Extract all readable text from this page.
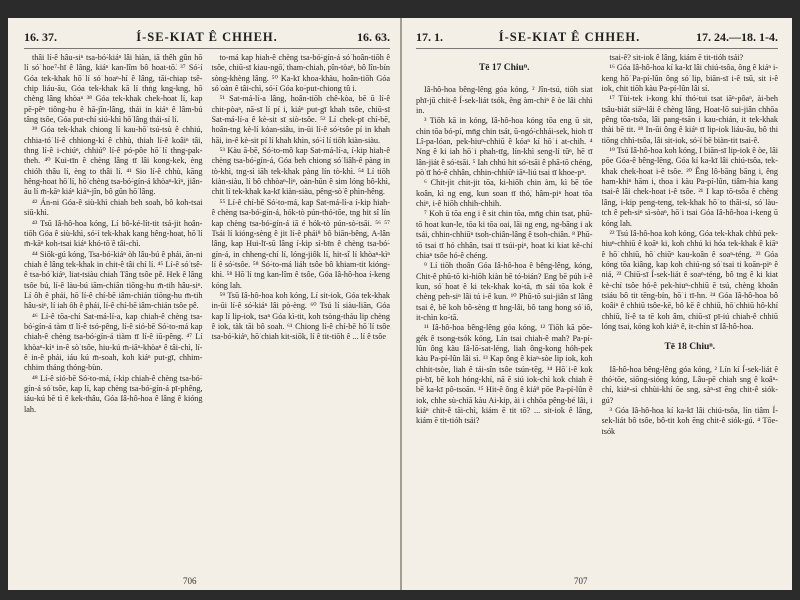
16. 37.	Í-SE-KIAT Ê CHHEH.	16. 63.

thâi lí-ê hâu-siⁿ tsa-bó͘-kiáⁿ lâi hiàn, iā thêh gûn hō͘ lí só͘ hoe⁷-hī ê lâng, kiáⁿ kan-lîm bô hoat-tō͘. ³⁷ Só͘-í Góa tek-khak hō͘ lí só͘ hoaⁿ-hí ê lâng, tāi-chiap tsê-chip liáu-āu, Góa tek-khak kā lí thṅg kng-kng, hō͘ chèng lâng khòaⁿ ³⁸ Góa tek-khak chek-hoat lí, kap pē-pêⁿ tiông-hu ê hā-jîn-lâng, thái in kiáⁿ ê lâm-bú tâng tsôe, Góa put-chí siú-khì hō͘ lâng thái-sí lí.

³⁹ Góa tek-khak chiong lí kau-hō͘ tsú-tsù ê chhiú, chhia-tó͘ lí-ê chhiong-kí ê chhù, thiah lí-ê koâiⁿ tâi, thng lí-ê i-chiúⁿ, chhiú⁰ lí-ê pó-pôe hō͘ lí thng-pak-theh. ⁴⁰ Kui-tīn ê chèng lâng tī lâi kong-kek, èng chióh thâu lí, èng to thâi lí. ⁴¹ Sio lí-ê chhù, kāng hêng-hoat hō͘ lí, hō͘ chèng tsa-bó͘-gín-á khòaⁿ-kìⁿ, jiân-āu lí m̄-kāⁿ kiáⁿ kiáⁿ-jîn, bô gûn hō͘ lâng.

⁴² Án-ni Góa-ê siù-khì chiah beh soah, bô koh-tsai siū-khì.

⁴³ Tsū Iâ-hô-hoa kóng, Lí bô-ké-lít-tit tsá-jit hoân-tiōh Góa ê siù-khì, só͘-í tek-khak kang hêng-hoat, hō͘ lí m̄-kāⁿ koh-tsai kiáⁿ khó-tō͘ ê tâi-chì.

⁴⁴ Siōk-gú kóng, Tsa-bó͘-kiáⁿ òh lâu-bú ê phái, ān-ni chiah ê lâng tek-khak in chit-ê tâi chí lí. ⁴⁵ Lí-ê só͘ tsê-ê tsa-bó͘ kiáⁿ, liat-tsiàu chiah Tâng tsôe pê. Hek ê lâng tsôe bú, lí-ê làu-bú iām-chiān tiōng-hu m̄-tih hâu-siⁿ. Lí ôh ê phái, hō͘ lí-ê chí-bē iâm-chián tiōng-hu m̄-tih hâu-siⁿ, lí iah ôh ê phái, lí-ê chí-bē iâm-chián tsôe pê.

⁴⁶ Lí-ê tōa-chí Sat-má-lí-a, kap chiah-ê chèng tsa-bó͘-gín-á tàm tī lí-ê tsó-pêng, lí-ê sió-bē Só͘-to-má kap chiah-ê chèng tsa-bó͘-gín-á tiàm tī lí-ê iū-pêng. ⁴⁷ Lí khòaⁿ-kìⁿ in-ê sò͘ tsôe, hiu-kú m̄-iāⁿ-khòaⁿ ê tâi-chì, lí-ê in-ê phái, iáu kú m̄-soah, koh kiáⁿ put-gī, chhim-chhim tháng thóng-bùn.

⁴⁸ Lí-ê sió-bē Só͘-to-má, í-kip chiah-ê chèng tsa-bó͘-gín-á só͘ tsôe, kap lí, kap chèng tsa-bó͘-gín-á pī-phêng, iáu-kú bē tì ê kek-thâu, Góa Iâ-hô-hoa ê lâng ê kióng lah.

to-má kap hiah-ê chèng tsa-bó͘-gín-á só͘ hoân-tiōh ê tsôe, chiū-sī kiau-ngō͘, tham-chiah, pîn-tòaⁿ, bô lîn-bín sòng-khèng lâng. ⁵⁰ Ka-kī khoa-khàu, hoân-tiōh Góa só͘ oàn ê tâi-chì, só͘-í Góa ko͘-put-chiong tû i.

⁵¹ Sat-má-lí-a lâng, hoân-tiōh chê-kòa, bē ū lí-ê chit-pòaⁿ, nā-sī lí pí i, kiáⁿ put-gī khah tsôe, chiū-sī Sat-má-lí-a ê kè-sit sī siò-tsôe. ⁵² Lí chek-pī chí-bē, hoân-tng kè-lí kóan-siâu, in-ūi lí-ê só͘-tsôe pí in khah hāi, in-ê kè-sit pí lí khah khìn, só͘-í lí tiōh kiàn-siàu.

⁵³ Kàu ā-bē, Só͘-to-mô kap Sat-má-lí-a, í-kip hiah-ê chèng tsa-bó͘-gín-á, Góa beh chiong só͘ liâh-ê pàng in tò-khì, tng-sì iāh tek-khak pàng lín tò-khì. ⁵⁴ Lí tiōh kiàn-siàu, lí bô chhòaⁿ-liⁿ, oàn-hūn ê sim lóng bô-khì, chit lí tek-khak ka-kī kiàn-siàu, pêng-sò͘ ê phìn-hêng.

⁵⁵ Lí-ê chí-bē Só͘-to-má, kap Sat-má-lí-a í-kip hiah-ê chèng tsa-bó͘-gín-á, hók-tò pún-thó͘-tōe, tng hit sî lín kap chèng tsa-bó͘-gín-á iā é hók-tò pún-sò͘-tsāi. ⁵⁶ ⁵⁷ Tsái lí kióng-sèng ê jit lí-ê phái⁸ bô biān-bêng, A-lân lâng, kap Hui-lī-sū lâng í-kip sì-bīn ê chèng tsa-bó͘-gín-á, in chheng-chí lí, lóng-jiôk lí, hit-sî lí khòaⁿ-kìⁿ lí ê só͘-tsôe. ⁵⁸ Só͘-to-má liáh tsôe bô khiam-tit kióng-khì. ⁵⁸ Hō͘ lí tng kan-lîm ê tsôe, Góa Iâ-hô-hoa í-keng kóng lah.

⁵⁹ Tsū Iâ-hô-hoa koh kóng, Lí sit-iok, Góa tek-khak in-ūi lí-ê só͘-kiáⁿ lâi pò-èng. ⁶⁰ Tsú lí siàu-liān, Góa kap lí lip-iok, tsaⁿ Góa kì-tit, koh tsòng-tháu lip chèng ê iok, tàk tāi bô soah. ⁶¹ Chiong lí-ê chí-bē hō͘ lí tsôe tsa-bó͘-kiáⁿ, hō͘ chiah kit-siōk, lí ê tit-tiōh ê ... lí ê tsôe

706
17. 1.	Í-SE-KIAT Ê CHHEH.	17. 24.—18. 1-4.
Tē 17 Chiuⁿ.

Iâ-hô-hoa bêng-lêng góa kóng, ² Jîn-tsú, tiōh siat phī-jū chit-ê Í-sek-liát tsók, êng àm-chiⁿ ê òe lâi chhì in.

³ Tiōh kā in kóng, Iâ-hô-hoa kóng tōa eng ū sit, chin tōa bó-pí, mn̄g chin tsát, ū-ngó͘-chhái-sek, hioh tī Lî-pa-lóan, pek-hiuⁿ-chhiū ê kóaⁿ kí hō͘ i at-chih. ⁴ Nng ê ki iah hō͘ i phah-tīg, lín-khì seng-lí tūⁿ, hē tī lân-jiát ê só͘-tsāi. ⁵ Iah chhú hit só͘-tsāi ê phā-tō chéng, pò͘ tī hó-ê chhân, chhin-chhiūⁿ iāⁿ-liú tsai tī khoe-pⁿ.

⁶ Chit-jit chit-jit tōa, ki-hiōh chin àm, kì bē tōe koân, kì ng eng, kun soan tī thó͘, hâm-piⁿ hoat tōa chiⁿ, i-ê hiōh chhih-chhih.

⁷ Koh ū tōa eng i ê sit chin tōa, mn̄g chin tsat, phū-tō hoat kun-le, tōa ki tōa oai, lāi ng eng, ng-bāng i ak tsái, chhin-chhiūⁿ tsoh-chiân-lâng ê tsoh-chiân. ⁸ Phū-tō tsai tī hó chhân, tsai tī tsúi-piⁿ, hoat ki kiat kê-chí chiaⁿ tsôe hó-ê chéng.

⁹ Lí tiōh thoân Góa Iâ-hô-hoa ê bêng-lêng, kóng, Chit-ê phū-tō ki-hiōh kiàn bē tó-bián? Eng bē púh i-ê kun, só͘ hoat ê ki tek-khak ko͘-tā, m̄ sái tōa kok ê chèng peh-siⁿ lâi tú i-ê kun. ¹⁰ Phū-tō sui-jiân sī lâng tsai ê, bē koh bô-sèng tī hng-lâi, bô tang hong só͘ iô, it-chìn ko͘-tā.

¹¹ Iâ-hô-hoa bêng-lêng góa kóng, ¹² Tiōh kā pōe-gék ê tsong-tsók kóng, Lín tsai chiah-ê mah? Pa-pí-lûn ông kàu Iâ-lō͘-sat-léng, liah ông-kong hóh-pek kàu Pa-pí-lûn lâi sì. ¹³ Kap ông ê kiaⁿ-sòe lip iok, koh chhit-tsòe, liah ê tái-sîn tsôe tsún-tēg. ¹⁴ Hō͘ i-ê kok pi-bī, bē koh hóng-khí, nā ē siú iok-chì kok chiah ē bē ka-kī pô-tsoān. ¹⁵ Hit-ê ông ê kiá⁸ pōe Pa-pí-lûn ê iok, chhe sù-chiā kàu Ai-kip, ài i chhōa pêng-bé lâi, i kiáⁿ chit-ê tāi-chì, kiám ē tit tō? ... sit-iok ê lâng, kiám ē tit-tióh tsái?

tsai-ê? sit-iok ê lâng, kiám ē tit-tióh tsái?

¹⁶ Góa Iâ-hô-hoa kí ka-kī lâi chiú-tsôa, ông ê kiáⁿ i-keng hō͘ Pa-pí-lûn ông só͘ lip, biān-sī i-ê tsū, sit i-ê iok, chit tiōh kàu Pa-pí-lûn lâi sí.

¹⁷ Tùi-tek i-kong khí thó͘-tui tsat iāⁿ-pôaⁿ, ài-beh tsâu-biát siāⁿ-lâi ê chèng lâng, Hoat-lō sui-jiân chhōa pêng tōa-tsôa, lâi pang-tsān i kau-chián, it tek-khak thài bē tit. ¹⁸ In-ūi ông ê kiáⁿ tī lip-iok liáu-āu, bô thi tiōng chhì-tsôa, lâi sit-iok, só͘-í bē biàn-tit tsai-ê.

¹⁹ Tsú Iâ-hô-hoa koh kóng, I biān-sī lip-iok ê òe, lâi pōe Góa-ê bêng-lêng, Góa kí ka-kī lâi chiú-tsôa, tek-khak chek-hoat i-ê tsôe. ²⁰ Êng lô-bāng bāng i, êng ham-khiⁿ hām i, thoa i kàu Pa-pí-lûn, tiâm-hia kang tsai-ê lâi chek-hoat i-ê tsôe. ²¹ I kap tō-tsôa ê chèng lâng, i-kip peng-teng, tek-khak hō͘ to thāi-sí, só͘ làu-tch ê peh-siⁿ sì-sòaⁿ, hō͘ i tsai Góa Iâ-hô-hoa i-keng ū kóng lah.

²² Tsú Iâ-hô-hoa koh kóng, Góa tek-khak chhú pek-hiuⁿ-chhiū ê koāⁿ ki, koh chhú ki hóa tek-khak ê kiāⁿ ê hō͘ chhiū, hō͘ chiūⁿ kau-koân ê soaⁿ-téng. ²³ Góa kóng tōa kiâng, kap koh chiú-ng só͘ tsai ti koān-piⁿ ê niá, ²³ Chiū-sī Í-sek-liát ê soaⁿ-téng, bô tng ê ki kiat kè-chí tsôe hó-ê pek-hiuⁿ-chhiū ē tsú, chèng khoân tsiáu bô tit tēng-bín, hō͘ i tī-hn. ²⁴ Góa Iâ-hô-hoa bô koâiⁿ ê chhiū tsôe-kē, bô kē ê chhiū, hō͘ chhiū hô-khí chhiū, lí-ê ta tē koh âm, chiū-sī pī-iú chiah-ê chhiū lóng tsai, kóng koh kiáⁿ ê, it-chìn sī Iâ-hô-hoa.

Tē 18 Chiuⁿ.

Iâ-hô-hoa bêng-lêng góa kóng, ² Lín kí Í-sek-liát ê thó͘-tōe, siōng-sióng kóng, Lâu-pē chiah sng ê koâⁿ-chí, kiáⁿ-sì chhùi-khí ōe sng, sàⁿ-sī ēng chit-ê siók-gú?

³ Góa Iâ-hô-hoa kí ka-kī lâi chiú-tsôa, lín tiâm Í-sek-liát bô tsôe, bô-tit koh ēng chit-ê siók-gú. ⁴ Tōe-tsók

707
